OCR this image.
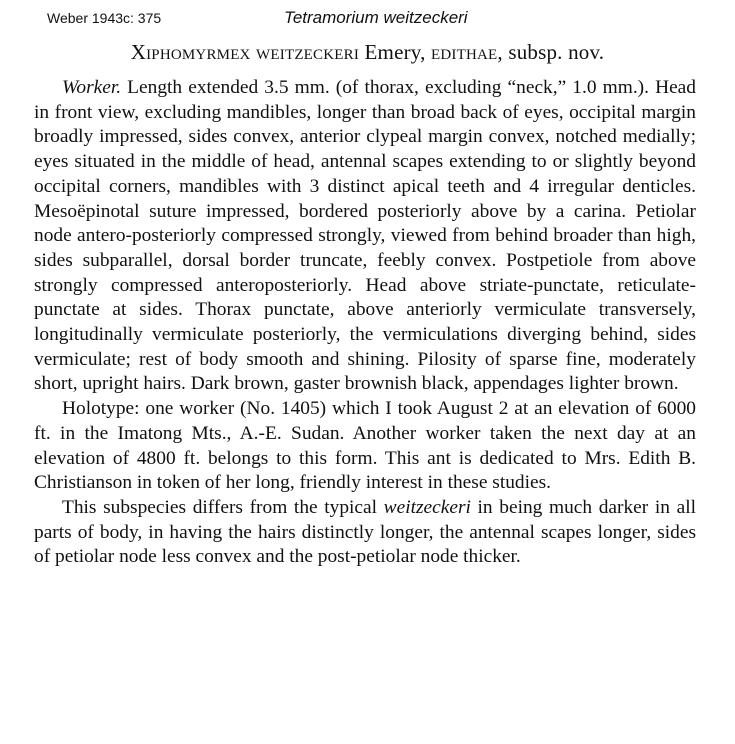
Weber 1943c: 375	Tetramorium weitzeckeri
Xiphomyrmex weitzeckeri Emery, edithae, subsp. nov.

Worker. Length extended 3.5 mm. (of thorax, excluding “neck,” 1.0 mm.). Head in front view, excluding mandibles, longer than broad back of eyes, occipital margin broadly impressed, sides convex, anterior clypeal margin convex, notched medially; eyes situated in the middle of head, antennal scapes extending to or slightly beyond occipital corners, mandibles with 3 distinct apical teeth and 4 irregular denticles. Mesoëpinotal suture impressed, bordered posteriorly above by a carina. Petiolar node antero-posteriorly compressed strongly, viewed from behind broader than high, sides subparallel, dorsal border truncate, feebly convex. Postpetiole from above strongly compressed anteroposteriorly. Head above striate-punctate, reticulate-punctate at sides. Thorax punctate, above anteriorly vermiculate transversely, longitudinally vermiculate posteriorly, the vermiculations diverging behind, sides vermiculate; rest of body smooth and shining. Pilosity of sparse fine, moderately short, upright hairs. Dark brown, gaster brownish black, appendages lighter brown.

Holotype: one worker (No. 1405) which I took August 2 at an elevation of 6000 ft. in the Imatong Mts., A.-E. Sudan. Another worker taken the next day at an elevation of 4800 ft. belongs to this form. This ant is dedicated to Mrs. Edith B. Christianson in token of her long, friendly interest in these studies.

This subspecies differs from the typical weitzeckeri in being much darker in all parts of body, in having the hairs distinctly longer, the antennal scapes longer, sides of petiolar node less convex and the post-petiolar node thicker.
